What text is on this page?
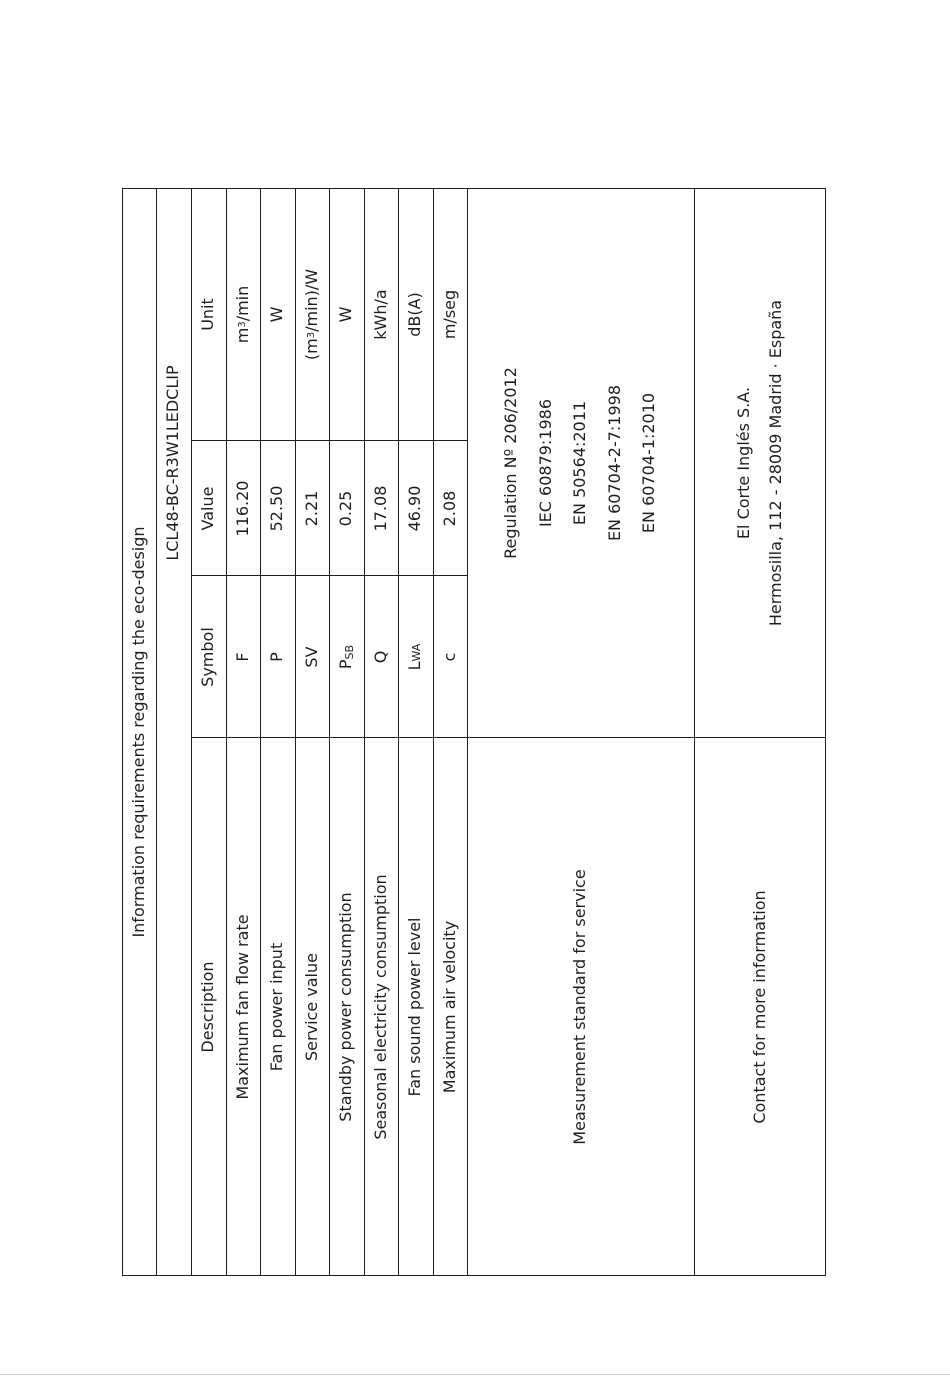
Information requirements regarding the eco-design
LCL48-BC-R3W1LEDCLIP
Description
Symbol
Value
Unit
Maximum fan flow rate
F
116.20
m
3
/min
Fan power input
P
52.50
W
Service value
SV
2.21
(m
3
/min)/W
Standby power consumption
P
SB
0.25
W
Seasonal electricity consumption
Q
17.08
kWh/a
Fan sound power level
L
WA
46.90
dB(A)
Maximum air velocity
c
2.08
m/seg
Measurement standard for service
Regulation Nº 206/2012 IEC 60879:1986 EN 50564:2011 EN 60704-2-7:1998 EN 60704-1:2010
Contact for more information
El Corte Inglés S.A. Hermosilla, 112 - 28009 Madrid · España
